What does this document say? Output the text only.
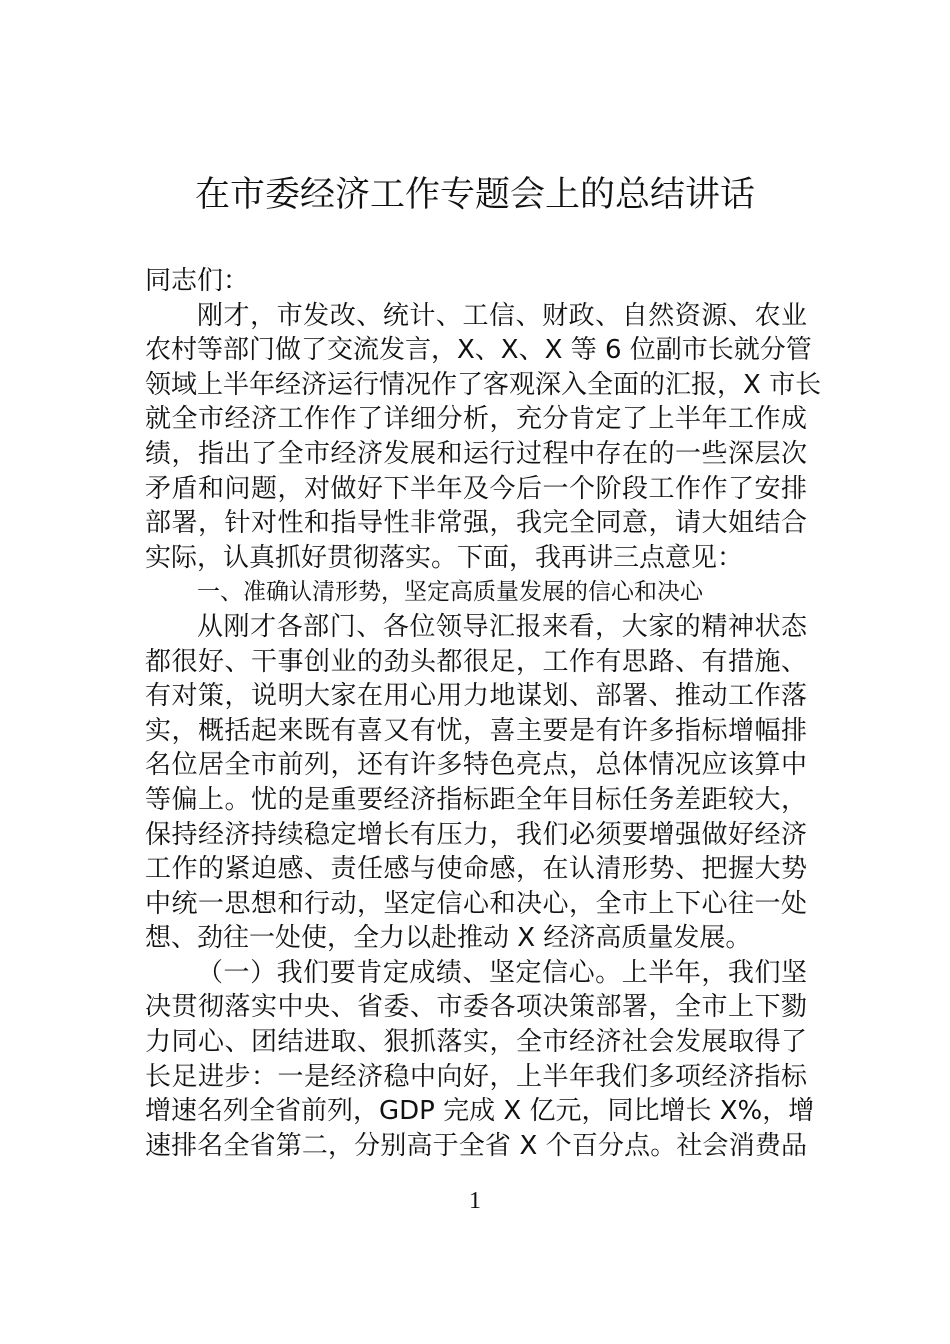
在市委经济工作专题会上的总结讲话
同志们：
刚才，市发改、统计、工信、财政、自然资源、农业
农村等部门做了交流发言，X、X、X 等 6 位副市长就分管
领域上半年经济运行情况作了客观深入全面的汇报，X 市长
就全市经济工作作了详细分析，充分肯定了上半年工作成
绩，指出了全市经济发展和运行过程中存在的一些深层次
矛盾和问题，对做好下半年及今后一个阶段工作作了安排
部署，针对性和指导性非常强，我完全同意，请大姐结合
实际，认真抓好贯彻落实。下面，我再讲三点意见：
一、准确认清形势，坚定高质量发展的信心和决心
从刚才各部门、各位领导汇报来看，大家的精神状态
都很好、干事创业的劲头都很足，工作有思路、有措施、
有对策，说明大家在用心用力地谋划、部署、推动工作落
实，概括起来既有喜又有忧，喜主要是有许多指标增幅排
名位居全市前列，还有许多特色亮点，总体情况应该算中
等偏上。忧的是重要经济指标距全年目标任务差距较大，
保持经济持续稳定增长有压力，我们必须要增强做好经济
工作的紧迫感、责任感与使命感，在认清形势、把握大势
中统一思想和行动，坚定信心和决心，全市上下心往一处
想、劲往一处使，全力以赴推动 X 经济高质量发展。
（一）我们要肯定成绩、坚定信心。上半年，我们坚
决贯彻落实中央、省委、市委各项决策部署，全市上下勠
力同心、团结进取、狠抓落实，全市经济社会发展取得了
长足进步：一是经济稳中向好，上半年我们多项经济指标
增速名列全省前列，GDP 完成 X 亿元，同比增长 X%，增
速排名全省第二，分别高于全省 X 个百分点。社会消费品
1
